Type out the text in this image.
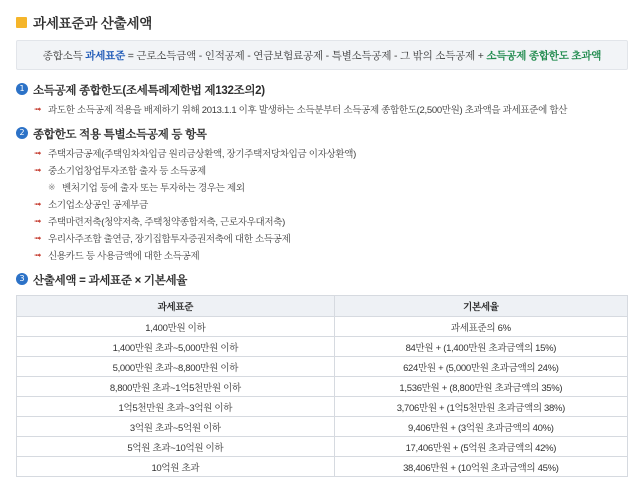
과세표준과 산출세액
종합소득 과세표준 = 근로소득금액 - 인적공제 - 연금보험료공제 - 특별소득공제 - 그 밖의 소득공제 + 소득공제 종합한도 초과액
1 소득공제 종합한도(조세특례제한법 제132조의2)
➟ 과도한 소득공제 적용을 배제하기 위해 2013.1.1 이후 발생하는 소득분부터 소득공제 종합한도(2,500만원) 초과액을 과세표준에 합산
2 종합한도 적용 특별소득공제 등 항목
➟ 주택자금공제(주택임차차입금 원리금상환액, 장기주택저당차입금 이자상환액)
➟ 중소기업창업투자조합 출자 등 소득공제
※ 벤처기업 등에 출자 또는 투자하는 경우는 제외
➟ 소기업소상공인 공제부금
➟ 주택마련저축(청약저축, 주택청약종합저축, 근로자우대저축)
➟ 우리사주조합 출연금, 장기집합투자증권저축에 대한 소득공제
➟ 신용카드 등 사용금액에 대한 소득공제
3 산출세액 = 과세표준 × 기본세율
과세표준	기본세율
1,400만원 이하	과세표준의 6%
1,400만원 초과~5,000만원 이하	84만원 + (1,400만원 초과금액의 15%)
5,000만원 초과~8,800만원 이하	624만원 + (5,000만원 초과금액의 24%)
8,800만원 초과~1억5천만원 이하	1,536만원 + (8,800만원 초과금액의 35%)
1억5천만원 초과~3억원 이하	3,706만원 + (1억5천만원 초과금액의 38%)
3억원 초과~5억원 이하	9,406만원 + (3억원 초과금액의 40%)
5억원 초과~10억원 이하	17,406만원 + (5억원 초과금액의 42%)
10억원 초과	38,406만원 + (10억원 초과금액의 45%)
